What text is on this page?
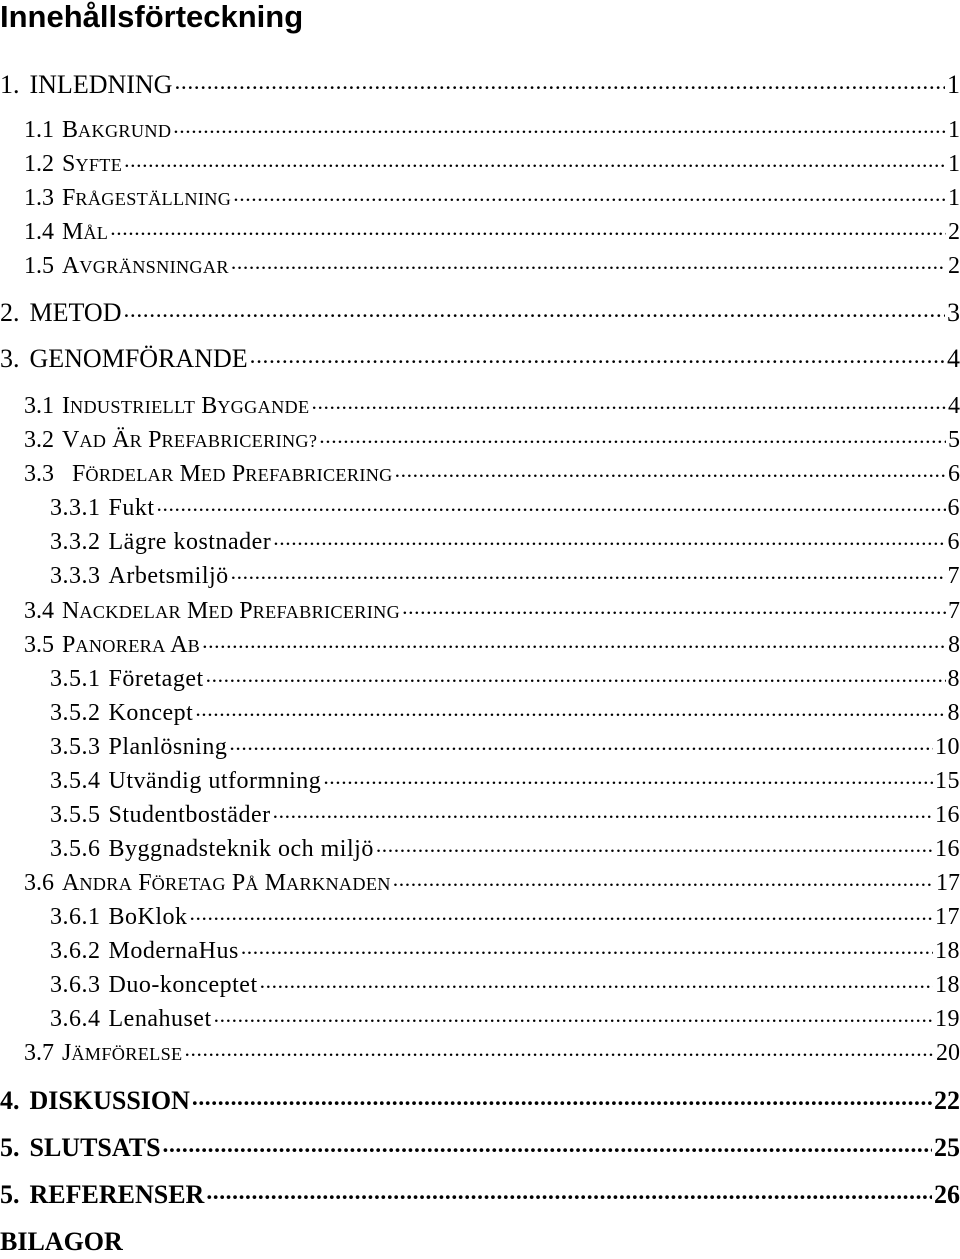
Innehållsförteckning
1. INLEDNING .....	1
1.1 BAKGRUND .....	1
1.2 SYFTE .....	1
1.3 FRÅGESTÄLLNING .....	1
1.4 MÅL .....	2
1.5 AVGRÄNSNINGAR .....	2
2. METOD .....	3
3. GENOMFÖRANDE .....	4
3.1 INDUSTRIELLT BYGGANDE .....	4
3.2 VAD ÄR PREFABRICERING? .....	5
3.3 FÖRDELAR MED PREFABRICERING .....	6
3.3.1 Fukt .....	6
3.3.2 Lägre kostnader .....	6
3.3.3 Arbetsmiljö .....	7
3.4 NACKDELAR MED PREFABRICERING .....	7
3.5 PANORERA AB .....	8
3.5.1 Företaget .....	8
3.5.2 Koncept .....	8
3.5.3 Planlösning .....	10
3.5.4 Utvändig utformning .....	15
3.5.5 Studentbostäder .....	16
3.5.6 Byggnadsteknik och miljö .....	16
3.6 ANDRA FÖRETAG PÅ MARKNADEN .....	17
3.6.1 BoKlok .....	17
3.6.2 ModernaHus .....	18
3.6.3 Duo-konceptet .....	18
3.6.4 Lenahuset .....	19
3.7 JÄMFÖRELSE .....	20
4. DISKUSSION .....	22
5. SLUTSATS .....	25
5. REFERENSER .....	26
BILAGOR
